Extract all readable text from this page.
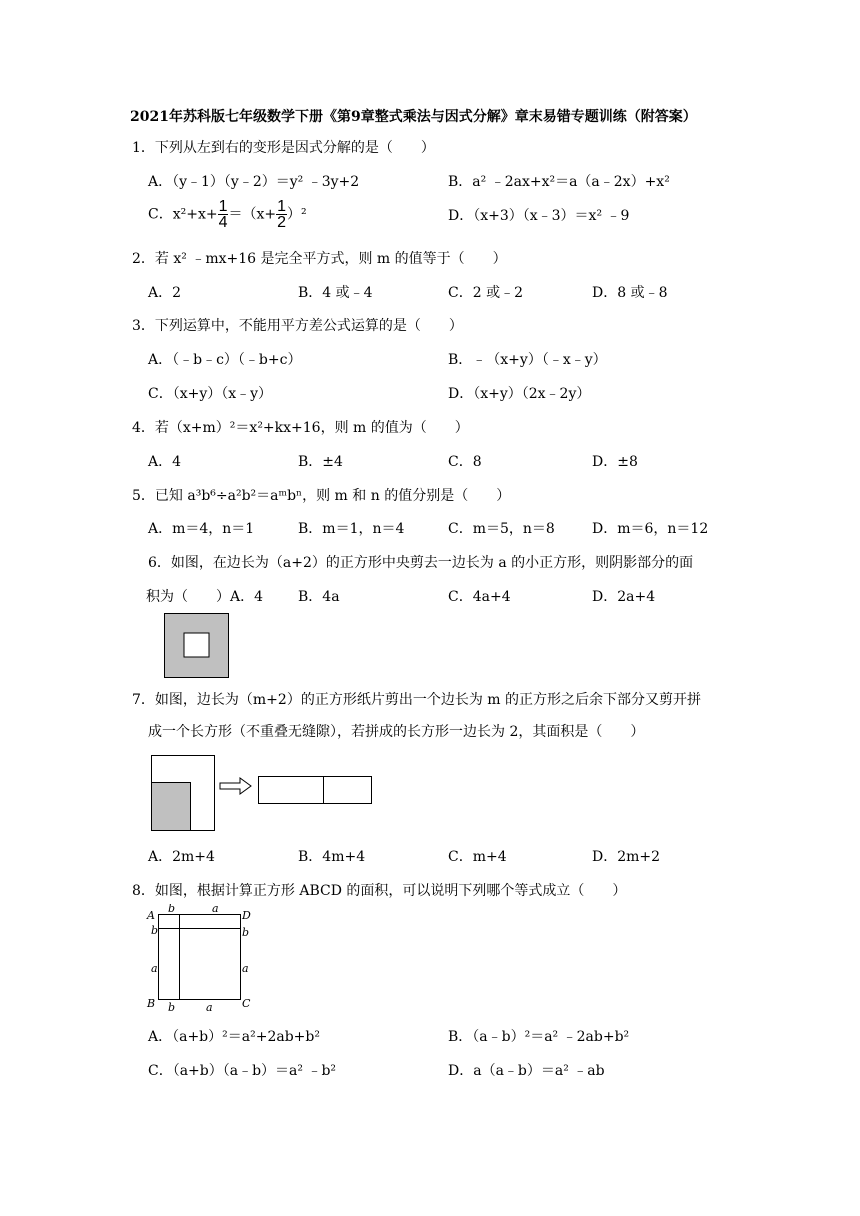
2021年苏科版七年级数学下册《第9章整式乘法与因式分解》章末易错专题训练（附答案）
1．下列从左到右的变形是因式分解的是（　　）
A．（y﹣1）（y﹣2）＝y² ﹣3y+2	B．a² ﹣2ax+x²＝a（a﹣2x）+x²
C．$x^2+x+ \frac{1}{4} =(x+ \frac{1}{2} )^2$	D．（x+3）（x﹣3）＝x² ﹣9
2．若 x² ﹣mx+16 是完全平方式，则 m 的值等于（　　）
A．2	B．4 或﹣4	C．2 或﹣2	D．8 或﹣8
3．下列运算中，不能用平方差公式运算的是（　　）
A．（﹣b﹣c）（﹣b+c）	B．﹣（x+y）（﹣x﹣y）
C．（x+y）（x﹣y）	D．（x+y）（2x﹣2y）
4．若（x+m）²＝x²+kx+16，则 m 的值为（　　）
A．4	B．±4	C．8	D．±8
5．已知 a³b⁶÷a²b²＝aᵐbⁿ，则 m 和 n 的值分别是（　　）
A．m＝4，n＝1	B．m＝1，n＝4	C．m＝5，n＝8	D．m＝6，n＝12
6．如图，在边长为（a+2）的正方形中央剪去一边长为 a 的小正方形，则阴影部分的面
积为（　　）A．4 B．4a	C．4a+4	D．2a+4
7．如图，边长为（m+2）的正方形纸片剪出一个边长为 m 的正方形之后余下部分又剪开拼
成一个长方形（不重叠无缝隙），若拼成的长方形一边长为 2，其面积是（　　）
A．2m+4	B．4m+4	C．m+4	D．2m+2
8．如图，根据计算正方形 ABCD 的面积，可以说明下列哪个等式成立（　　）
A	D
B	C
b	a
b
a
b
a
b	a
A．（a+b）²＝a²+2ab+b²	B．（a﹣b）²＝a² ﹣2ab+b²
C．（a+b）（a﹣b）＝a² ﹣b²	D．a（a﹣b）＝a² ﹣ab
